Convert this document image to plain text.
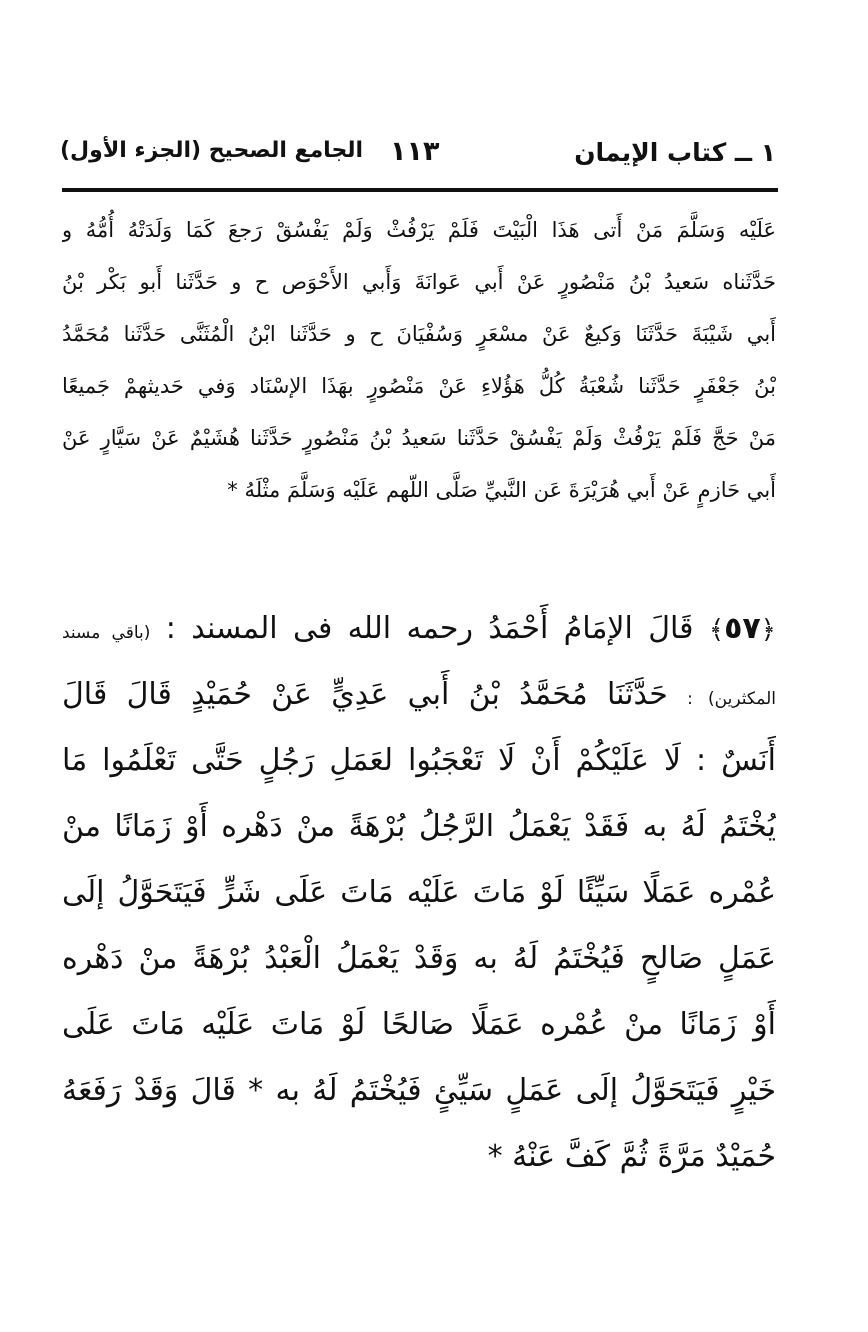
١ ــ كتاب الإيمان
١١٣
الجامع الصحيح (الجزء الأول)
عَلَيْه وَسَلَّمَ مَنْ أَتى هَذَا الْبَيْتَ فَلَمْ يَرْفُثْ وَلَمْ يَفْسُقْ رَجعَ كَمَا وَلَدَتْهُ أُمُّهُ و
حَدَّثَناه سَعيدُ بْنُ مَنْصُورٍ عَنْ أَبي عَوانَةَ وَأَبي الأَحْوَص ح و حَدَّثَنا أَبو بَكْر بْنُ
أَبي شَيْبَةَ حَدَّثَنَا وَكيعٌ عَنْ مسْعَرٍ وَسُفْيَانَ ح و حَدَّثَنا ابْنُ الْمُثَنَّى حَدَّثَنا مُحَمَّدُ
بْنُ جَعْفَرٍ حَدَّثَنا شُعْبَةُ كُلُّ هَؤُلاءِ عَنْ مَنْصُورٍ بهَذَا الإسْنَاد وَفي حَديثهمْ جَميعًا
مَنْ حَجَّ فَلَمْ يَرْفُثْ وَلَمْ يَفْسُقْ حَدَّثَنا سَعيدُ بْنُ مَنْصُورٍ حَدَّثَنا هُشَيْمٌ عَنْ سَيَّارٍ عَنْ
أَبي حَازمٍ عَنْ أَبي هُرَيْرَةَ عَن النَّبيِّ صَلَّى اللّهم عَلَيْه وَسَلَّمَ مثْلَهُ *
﴿٥٧﴾ قَالَ الإمَامُ أَحْمَدُ رحمه الله فى المسند : (باقي مسند
المكثرين) : حَدَّثَنَا مُحَمَّدُ بْنُ أَبي عَدِيٍّ عَنْ حُمَيْدٍ قَالَ قَالَ
أَنَسٌ : لَا عَلَيْكُمْ أَنْ لَا تَعْجَبُوا لعَمَلِ رَجُلٍ حَتَّى تَعْلَمُوا مَا
يُخْتَمُ لَهُ به فَقَدْ يَعْمَلُ الرَّجُلُ بُرْهَةً منْ دَهْره أَوْ زَمَانًا منْ
عُمْره عَمَلًا سَيِّئًا لَوْ مَاتَ عَلَيْه مَاتَ عَلَى شَرٍّ فَيَتَحَوَّلُ إلَى
عَمَلٍ صَالحٍ فَيُخْتَمُ لَهُ به وَقَدْ يَعْمَلُ الْعَبْدُ بُرْهَةً منْ دَهْره
أَوْ زَمَانًا منْ عُمْره عَمَلًا صَالحًا لَوْ مَاتَ عَلَيْه مَاتَ عَلَى
خَيْرٍ فَيَتَحَوَّلُ إلَى عَمَلٍ سَيِّئٍ فَيُخْتَمُ لَهُ به * قَالَ وَقَدْ رَفَعَهُ
حُمَيْدٌ مَرَّةً ثُمَّ كَفَّ عَنْهُ *
